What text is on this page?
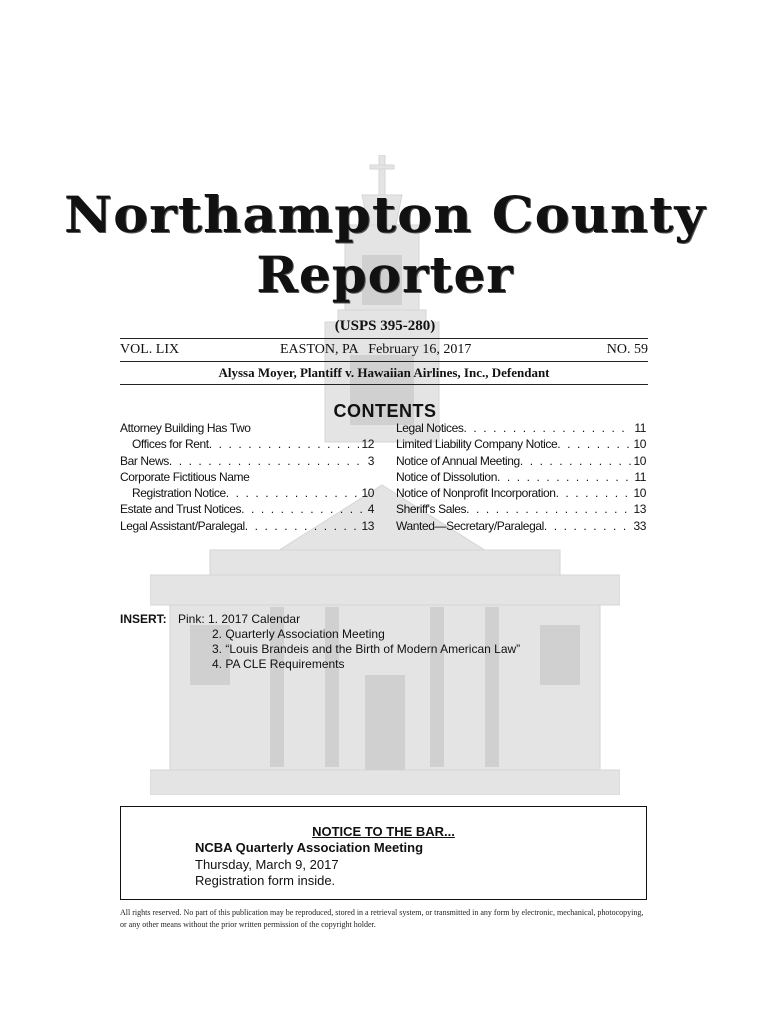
Northampton County
Reporter
(USPS 395-280)
VOL. LIX	EASTON, PA   February 16, 2017	NO. 59
Alyssa Moyer, Plantiff v. Hawaiian Airlines, Inc., Defendant
CONTENTS
Attorney Building Has Two
Offices for Rent . . .	12
Bar News . . .	3
Corporate Fictitious Name
Registration Notice . . .	10
Estate and Trust Notices . . .	4
Legal Assistant/Paralegal . . .	13
Legal Notices . . .	11
Limited Liability Company Notice . . .	10
Notice of Annual Meeting . . .	10
Notice of Dissolution . . .	11
Notice of Nonprofit Incorporation . . .	10
Sheriff's Sales . . .	13
Wanted—Secretary/Paralegal . . .	33
INSERT: Pink: 1. 2017 Calendar
2. Quarterly Association Meeting
3. “Louis Brandeis and the Birth of Modern American Law”
4. PA CLE Requirements
NOTICE TO THE BAR...
NCBA Quarterly Association Meeting
Thursday, March 9, 2017
Registration form inside.
All rights reserved. No part of this publication may be reproduced, stored in a retrieval system, or transmitted in any form by electronic, mechanical, photocopying, or any other means without the prior written permission of the copyright holder.
